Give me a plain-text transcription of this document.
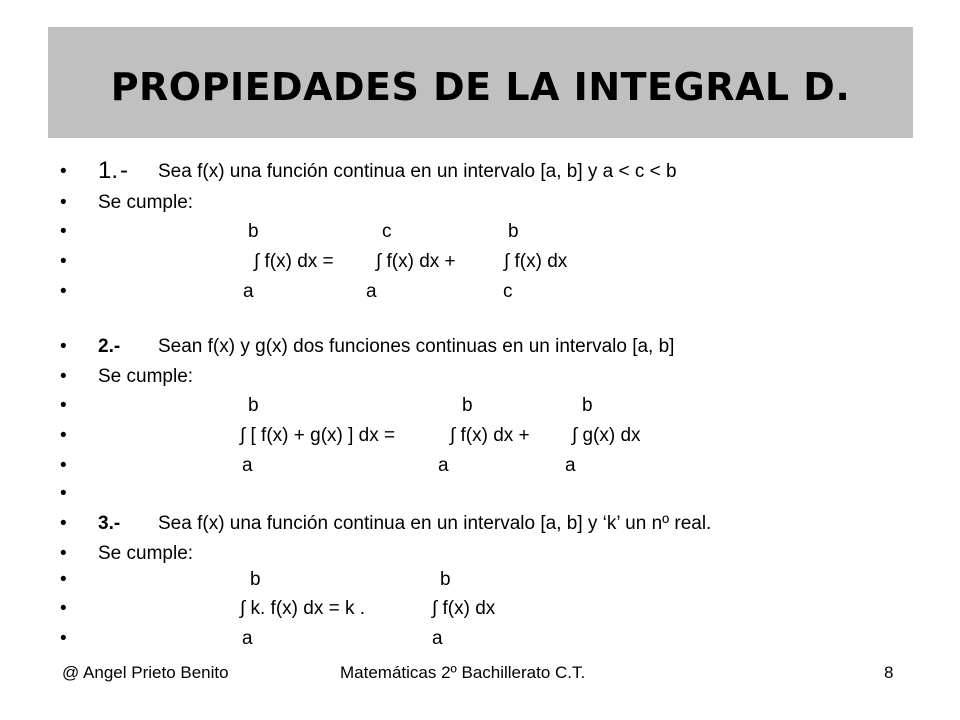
PROPIEDADES DE LA INTEGRAL D.
• 1. - Sea f(x) una función continua en un intervalo [a, b] y a < c < b
• Se cumple:
•	b	c	b
•	∫ f(x) dx = ∫ f(x) dx +	∫ f(x) dx
•	a	a	c
• 2.- Sean f(x) y g(x) dos funciones continuas en un intervalo [a, b]
• Se cumple:
•	b	b	b
•	∫ [ f(x) + g(x) ] dx =	∫ f(x) dx + ∫ g(x) dx
•	a	a	a
•
• 3.- Sea f(x) una función continua en un intervalo [a, b] y ‘k’ un nº real.
• Se cumple:
•	b	b
•	∫ k. f(x) dx = k .	∫ f(x) dx
•	a	a
@ Angel Prieto Benito	Matemáticas 2º Bachillerato C.T.	8
